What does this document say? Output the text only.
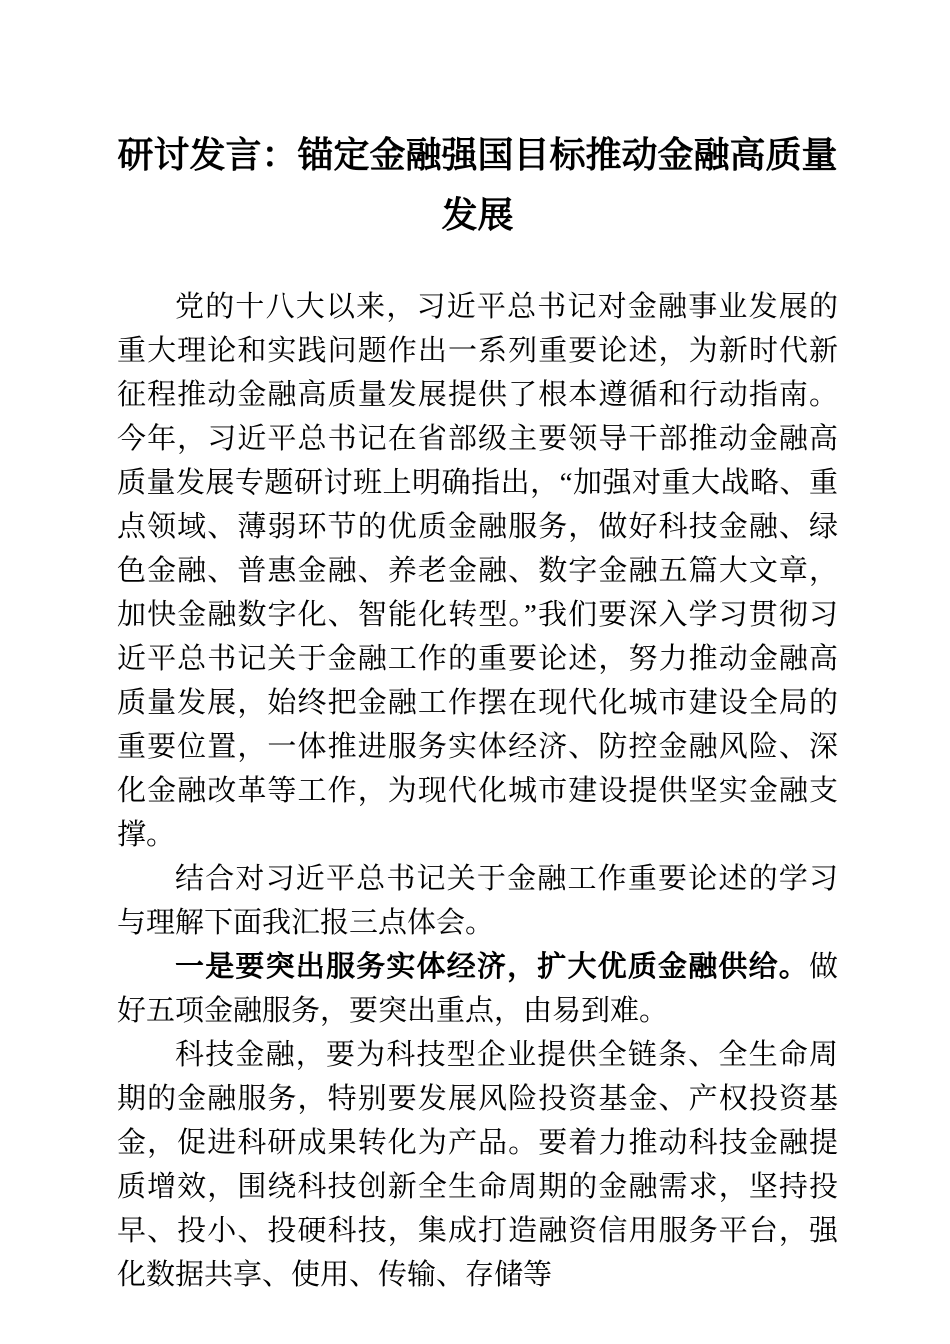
研讨发言：锚定金融强国目标推动金融高质量发展

党的十八大以来，习近平总书记对金融事业发展的重大理论和实践问题作出一系列重要论述，为新时代新征程推动金融高质量发展提供了根本遵循和行动指南。今年，习近平总书记在省部级主要领导干部推动金融高质量发展专题研讨班上明确指出，“加强对重大战略、重点领域、薄弱环节的优质金融服务，做好科技金融、绿色金融、普惠金融、养老金融、数字金融五篇大文章，加快金融数字化、智能化转型。”我们要深入学习贯彻习近平总书记关于金融工作的重要论述，努力推动金融高质量发展，始终把金融工作摆在现代化城市建设全局的重要位置，一体推进服务实体经济、防控金融风险、深化金融改革等工作，为现代化城市建设提供坚实金融支撑。

结合对习近平总书记关于金融工作重要论述的学习与理解下面我汇报三点体会。

一是要突出服务实体经济，扩大优质金融供给。做好五项金融服务，要突出重点，由易到难。

科技金融，要为科技型企业提供全链条、全生命周期的金融服务，特别要发展风险投资基金、产权投资基金，促进科研成果转化为产品。要着力推动科技金融提质增效，围绕科技创新全生命周期的金融需求，坚持投早、投小、投硬科技，集成打造融资信用服务平台，强化数据共享、使用、传输、存储等
